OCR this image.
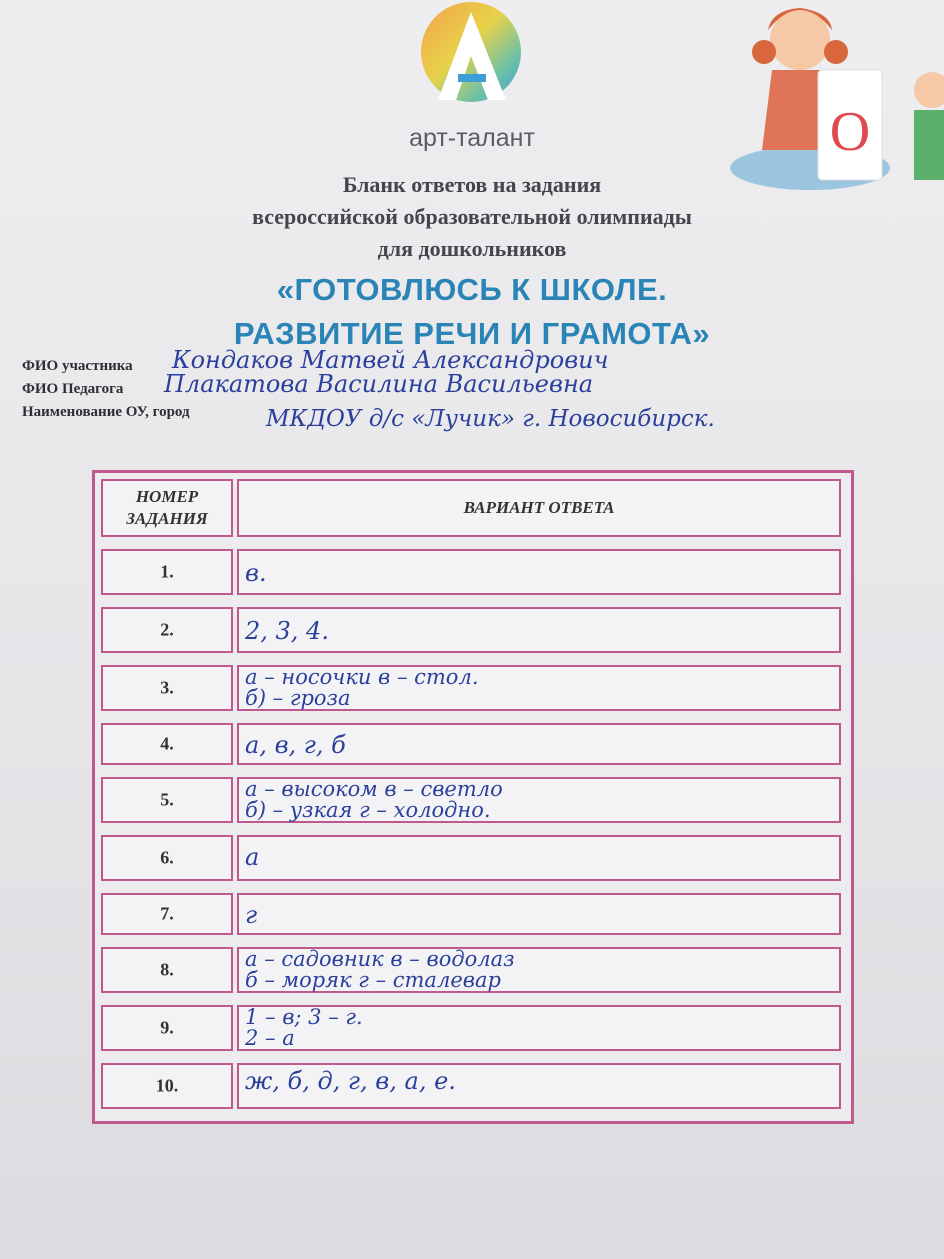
арт-талант	О
Бланк ответов на задания
всероссийской образовательной олимпиады
для дошкольников
«ГОТОВЛЮСЬ К ШКОЛЕ.
РАЗВИТИЕ РЕЧИ И ГРАМОТА»
ФИО участника Кондаков Матвей Александрович
ФИО Педагога Плакатова Василина Васильевна
Наименование ОУ, город	МКДОУ д/с «Лучик» г. Новосибирск.
НОМЕР ЗАДАНИЯ
ВАРИАНТ ОТВЕТА
1.	в.
2.	2, 3, 4.
3.	а – носочки в – стол.
б) – гроза
4.	а, в, г, б
5.	а – высоком в – светло
б) – узкая г – холодно.
6.	а
7.	г
8.	а – садовник в – водолаз
б – моряк г – сталевар
9.	1 – в; 3 – г.
2 – а
10.	ж, б, д, г, в, а, е.
